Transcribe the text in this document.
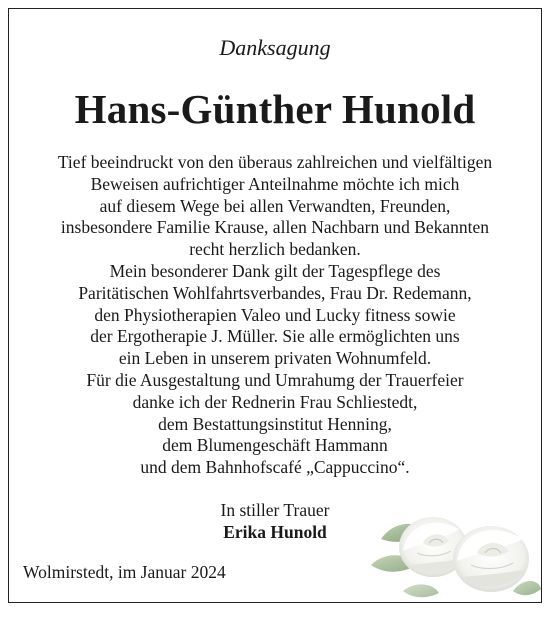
Danksagung
Hans-Günther Hunold
Tief beeindruckt von den überaus zahlreichen und vielfältigen
Beweisen aufrichtiger Anteilnahme möchte ich mich
auf diesem Wege bei allen Verwandten, Freunden,
insbesondere Familie Krause, allen Nachbarn und Bekannten
recht herzlich bedanken.
Mein besonderer Dank gilt der Tagespflege des
Paritätischen Wohlfahrtsverbandes, Frau Dr. Redemann,
den Physiotherapien Valeo und Lucky fitness sowie
der Ergotherapie J. Müller. Sie alle ermöglichten uns
ein Leben in unserem privaten Wohnumfeld.
Für die Ausgestaltung und Umrahumg der Trauerfeier
danke ich der Rednerin Frau Schliestedt,
dem Bestattungsinstitut Henning,
dem Blumengeschäft Hammann
und dem Bahnhofscafé „Cappuccino“.
In stiller Trauer
Erika Hunold
Wolmirstedt, im Januar 2024
